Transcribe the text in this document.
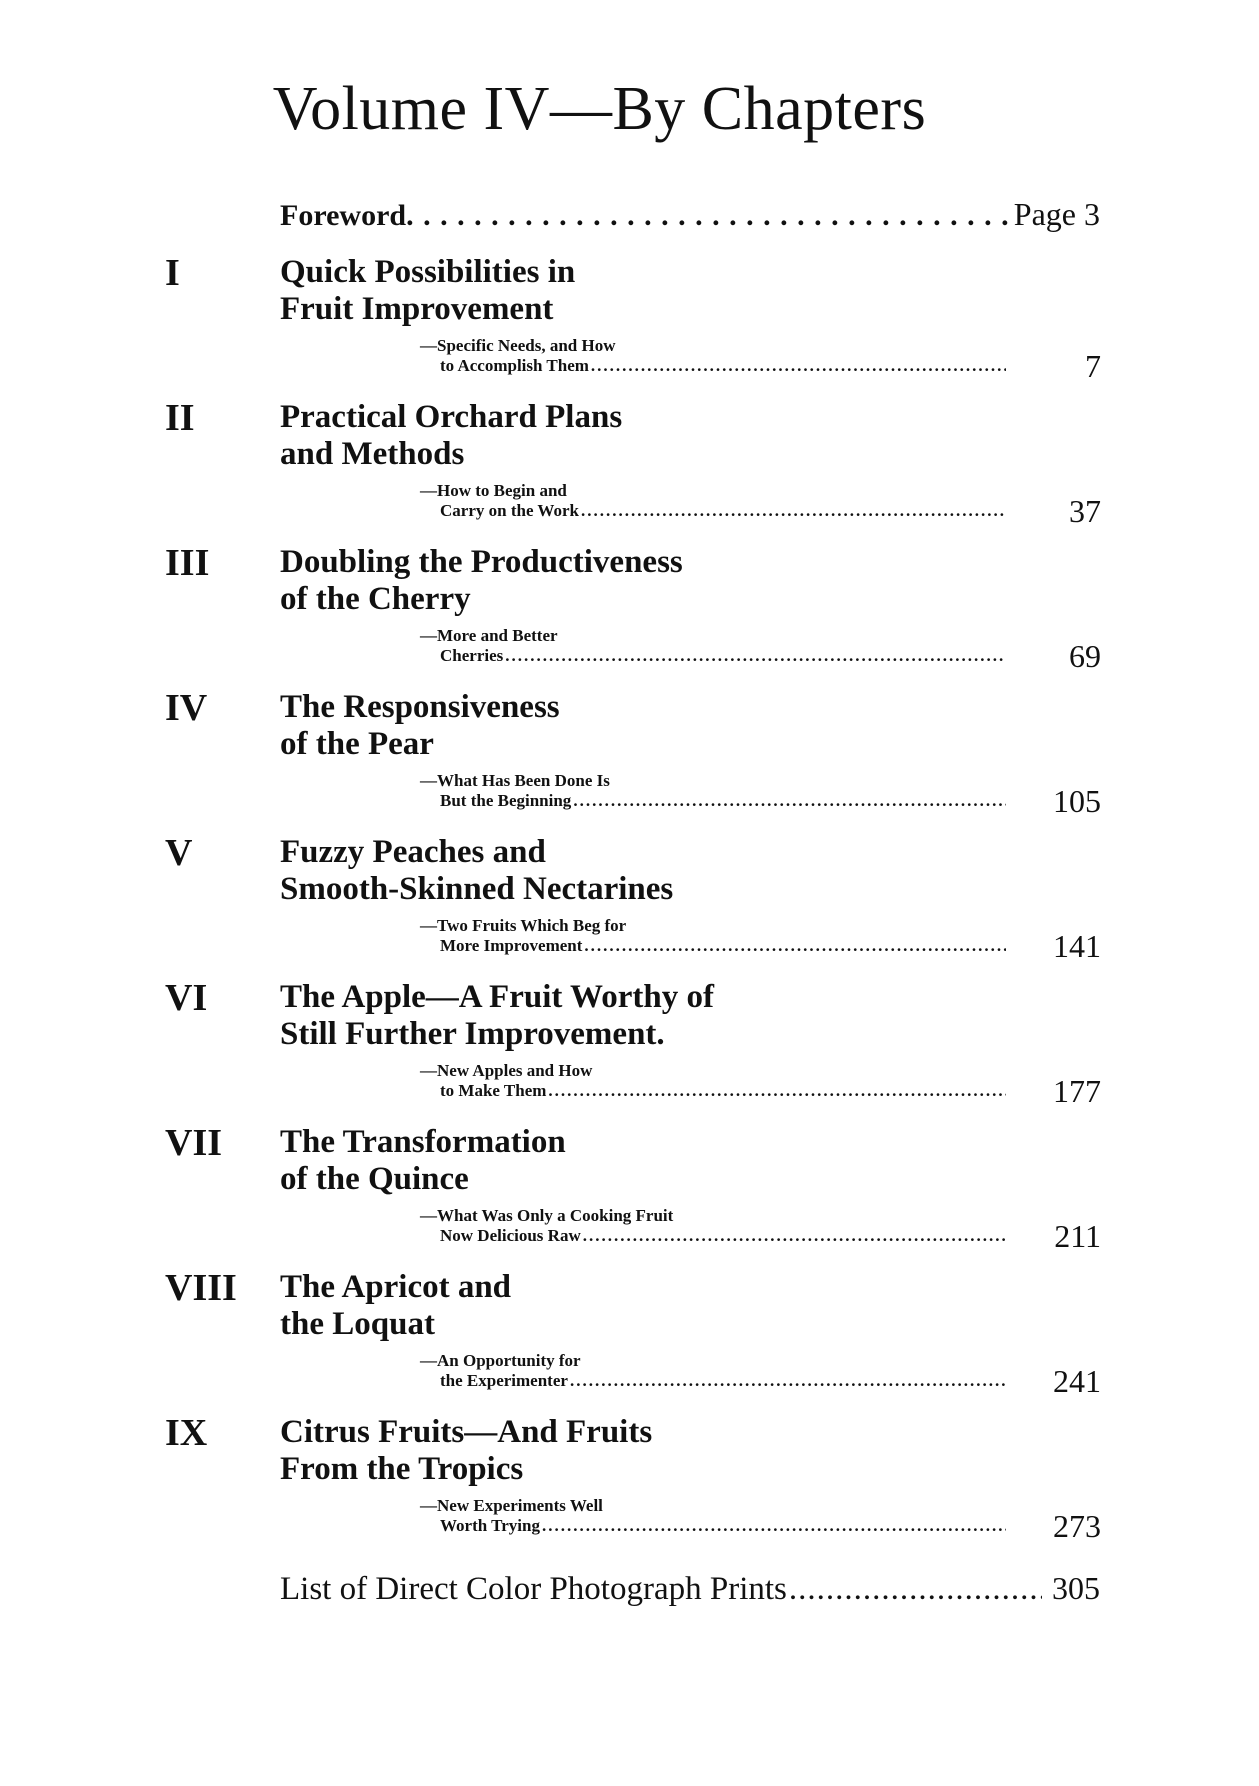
Volume IV—By Chapters
Foreword . . .	Page 3
I	Quick Possibilities in
Fruit Improvement
—Specific Needs, and How
to Accomplish Them .....	7
II	Practical Orchard Plans
and Methods
—How to Begin and
Carry on the Work .....	37
III Doubling the Productiveness
of the Cherry
—More and Better
Cherries .....	69
IV The Responsiveness
of the Pear
—What Has Been Done Is
But the Beginning .....	105
V	Fuzzy Peaches and
Smooth-Skinned Nectarines
—Two Fruits Which Beg for
More Improvement .....	141
VI The Apple—A Fruit Worthy of
Still Further Improvement.
—New Apples and How
to Make Them .....	177
VII The Transformation
of the Quince
—What Was Only a Cooking Fruit
Now Delicious Raw .....	211
VIII The Apricot and
the Loquat
—An Opportunity for
the Experimenter .....	241
IX Citrus Fruits—And Fruits
From the Tropics
—New Experiments Well
Worth Trying .....	273
List of Direct Color Photograph Prints .....	305
